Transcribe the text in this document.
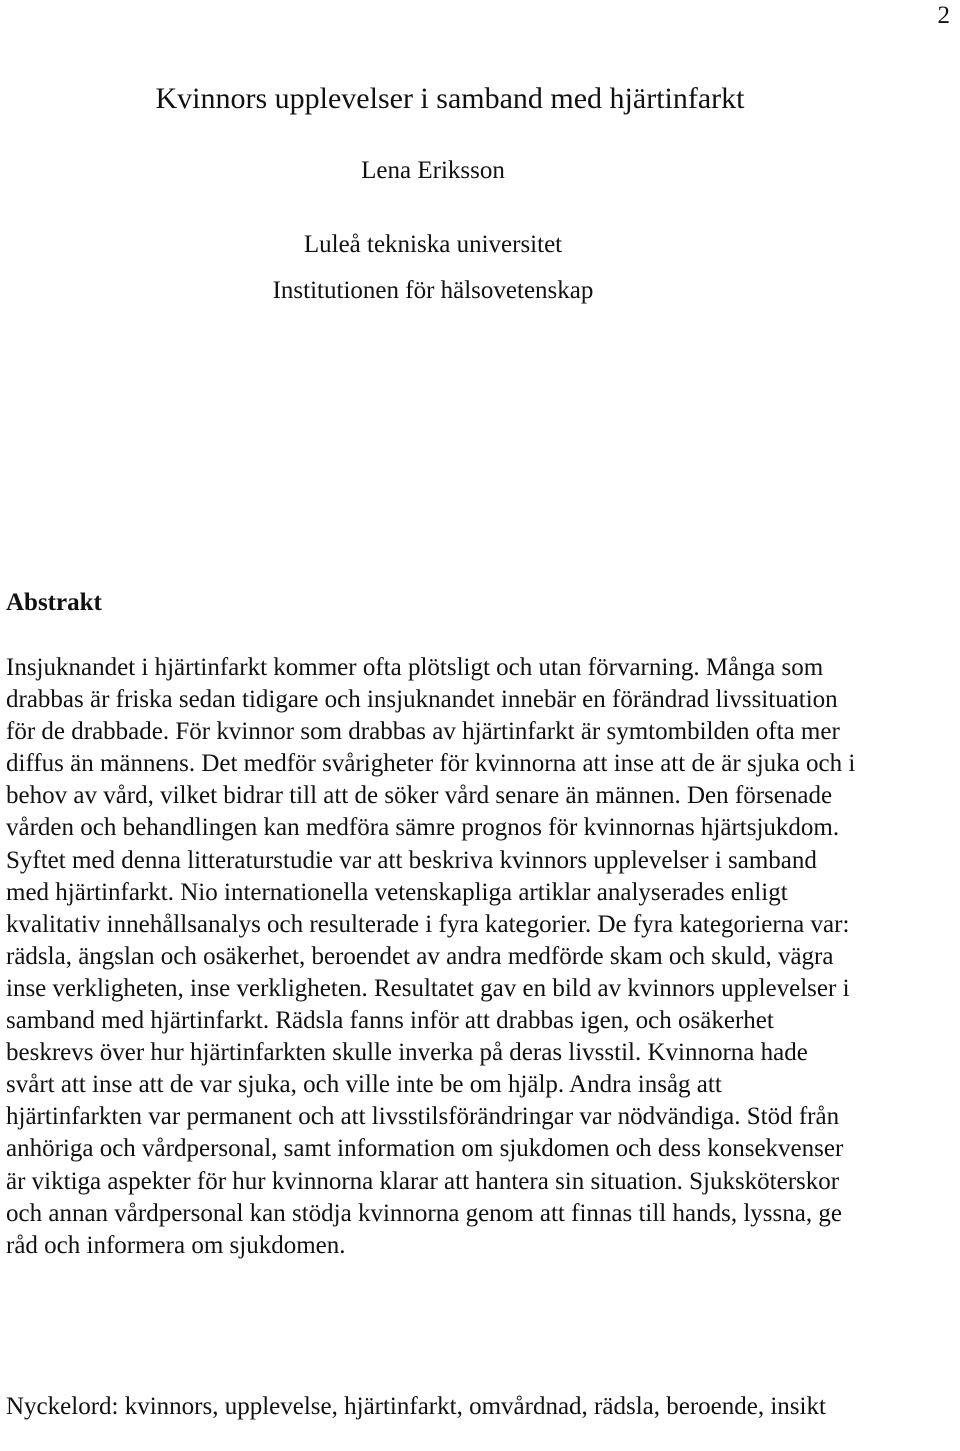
2
Kvinnors upplevelser i samband med hjärtinfarkt
Lena Eriksson
Luleå tekniska universitet
Institutionen för hälsovetenskap
Abstrakt

Insjuknandet i hjärtinfarkt kommer ofta plötsligt och utan förvarning. Många som drabbas är friska sedan tidigare och insjuknandet innebär en förändrad livssituation för de drabbade. För kvinnor som drabbas av hjärtinfarkt är symtombilden ofta mer diffus än männens. Det medför svårigheter för kvinnorna att inse att de är sjuka och i behov av vård, vilket bidrar till att de söker vård senare än männen. Den försenade vården och behandlingen kan medföra sämre prognos för kvinnornas hjärtsjukdom. Syftet med denna litteraturstudie var att beskriva kvinnors upplevelser i samband med hjärtinfarkt. Nio internationella vetenskapliga artiklar analyserades enligt kvalitativ innehållsanalys och resulterade i fyra kategorier. De fyra kategorierna var: rädsla, ängslan och osäkerhet, beroendet av andra medförde skam och skuld, vägra inse verkligheten, inse verkligheten. Resultatet gav en bild av kvinnors upplevelser i samband med hjärtinfarkt. Rädsla fanns inför att drabbas igen, och osäkerhet beskrevs över hur hjärtinfarkten skulle inverka på deras livsstil. Kvinnorna hade svårt att inse att de var sjuka, och ville inte be om hjälp. Andra insåg att hjärtinfarkten var permanent och att livsstilsförändringar var nödvändiga. Stöd från anhöriga och vårdpersonal, samt information om sjukdomen och dess konsekvenser är viktiga aspekter för hur kvinnorna klarar att hantera sin situation. Sjuksköterskor och annan vårdpersonal kan stödja kvinnorna genom att finnas till hands, lyssna, ge råd och informera om sjukdomen.

Nyckelord: kvinnors, upplevelse, hjärtinfarkt, omvårdnad, rädsla, beroende, insikt
